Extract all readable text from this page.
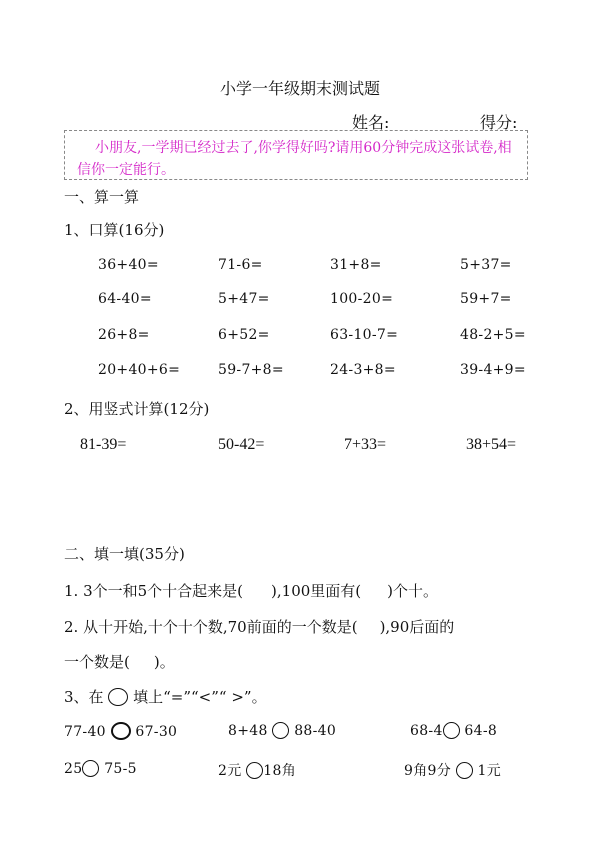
小学一年级期末测试题
姓名:	得分:
小朋友,一学期已经过去了,你学得好吗?请用60分钟完成这张试卷,相信你一定能行。
一、算一算
1、口算(16分)
36+40=	71-6=	31+8=	5+37=
64-40=	5+47=	100-20=	59+7=
26+8=	6+52=	63-10-7=	48-2+5=
20+40+6=	59-7+8=	24-3+8=	39-4+9=
2、用竖式计算(12分)
81-39=	50-42=	7+33=	38+54=
二、填一填(35分)
1. 3个一和5个十合起来是( ),100里面有( )个十。
2. 从十开始,十个十个数,70前面的一个数是( ),90后面的
一个数是( )。
3、在 填上“=”“<”“ >”。
77-40 67-30	8+48 88-40	68-4 64-8
25 75-5	2元 18角	9角9分 1元
